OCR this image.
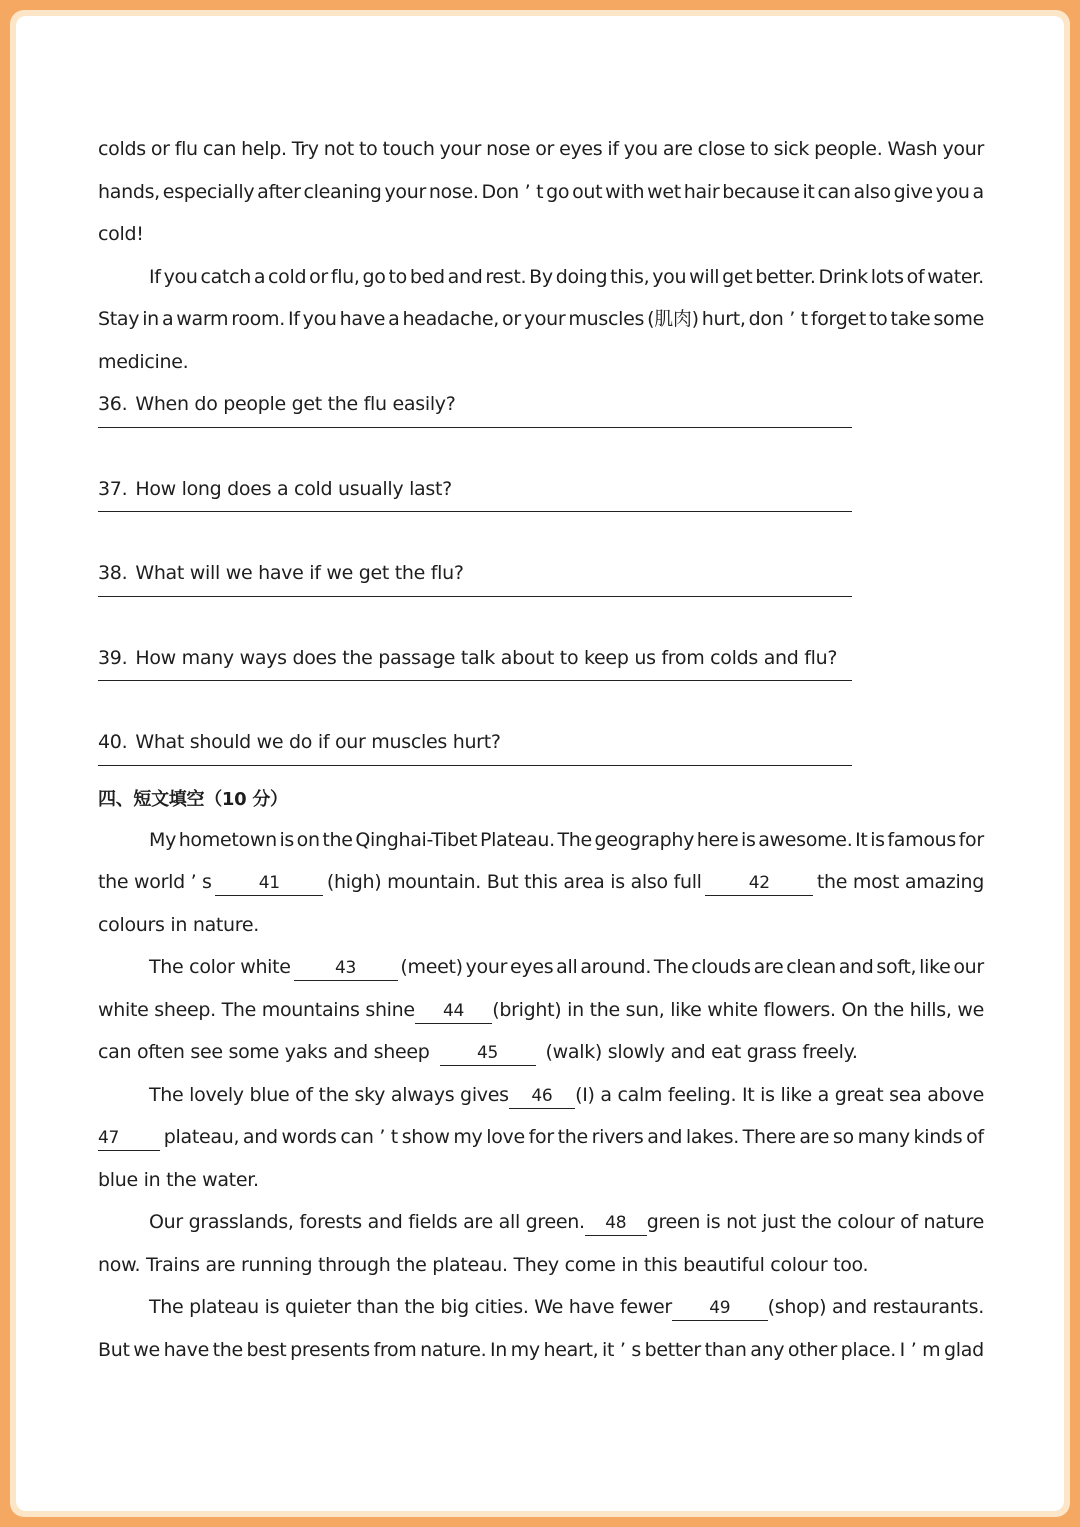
colds or flu can help. Try not to touch your nose or eyes if you are close to sick people. Wash your
hands, especially after cleaning your nose. Don ’ t go out with wet hair because it can also give you a
cold!
If you catch a cold or flu, go to bed and rest. By doing this, you will get better. Drink lots of water.
Stay in a warm room. If you have a headache, or your muscles (肌肉) hurt, don ’ t forget to take some
medicine.
36. When do people get the flu easily?
37. How long does a cold usually last?
38. What will we have if we get the flu?
39. How many ways does the passage talk about to keep us from colds and flu?
40. What should we do if our muscles hurt?
四、短文填空（10 分）
My hometown is on the Qinghai-Tibet Plateau. The geography here is awesome. It is famous for
the world ’ s	41	(high) mountain. But this area is also full	42	the most amazing
colours in nature.
The color white	43	(meet) your eyes all around. The clouds are clean and soft, like our
white sheep. The mountains shine	44	(bright) in the sun, like white flowers. On the hills, we
can often see some yaks and sheep	45	(walk) slowly and eat grass freely.
The lovely blue of the sky always gives	46	(I) a calm feeling. It is like a great sea above
47	plateau, and words can ’ t show my love for the rivers and lakes. There are so many kinds of
blue in the water.
Our grasslands, forests and fields are all green.	48	green is not just the colour of nature
now. Trains are running through the plateau. They come in this beautiful colour too.
The plateau is quieter than the big cities. We have fewer	49	(shop) and restaurants.
But we have the best presents from nature. In my heart, it ’ s better than any other place. I ’ m glad
